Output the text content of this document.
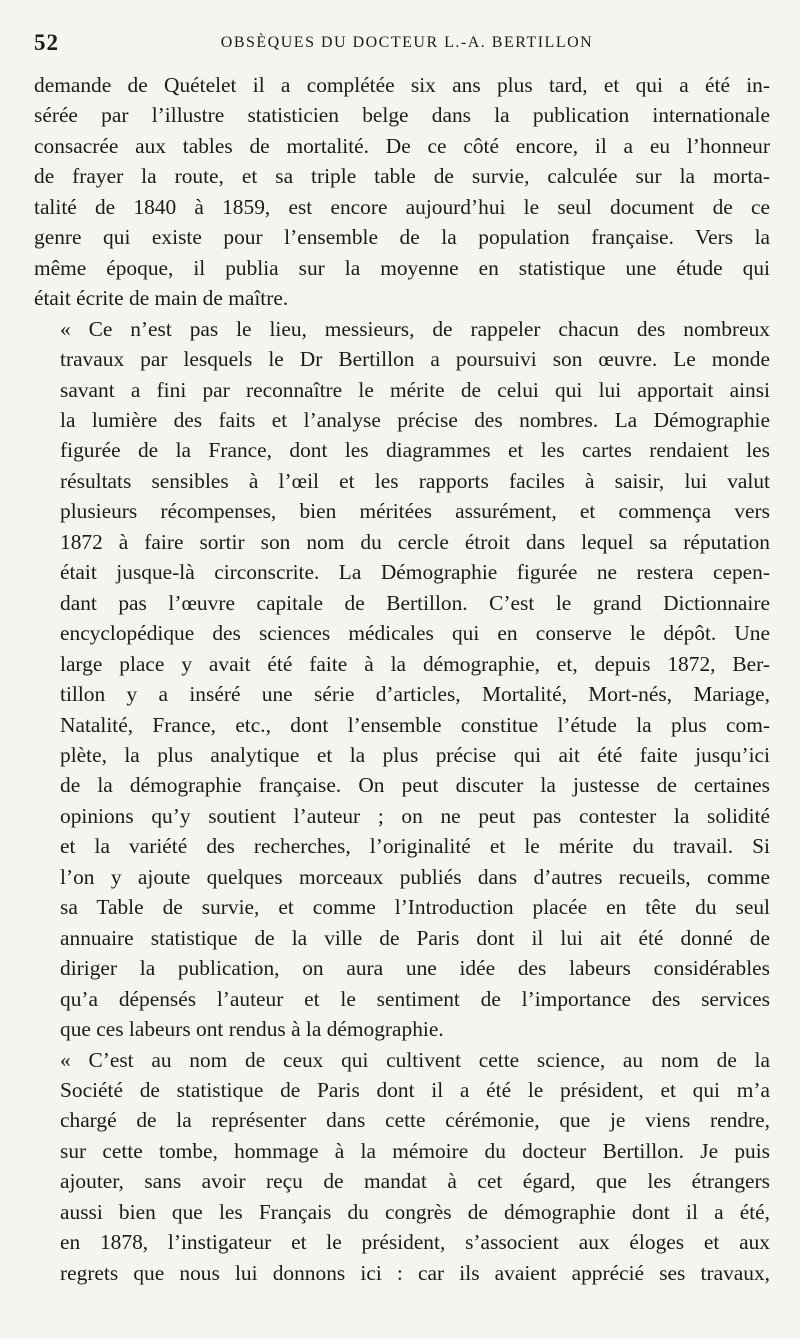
52	OBSÈQUES DU DOCTEUR L.-A. BERTILLON
demande de Quételet il a complétée six ans plus tard, et qui a été in-
sérée par l’illustre statisticien belge dans la publication internationale
consacrée aux tables de mortalité. De ce côté encore, il a eu l’honneur
de frayer la route, et sa triple table de survie, calculée sur la morta-
talité de 1840 à 1859, est encore aujourd’hui le seul document de ce
genre qui existe pour l’ensemble de la population française. Vers la
même époque, il publia sur la moyenne en statistique une étude qui
était écrite de main de maître.
« Ce n’est pas le lieu, messieurs, de rappeler chacun des nombreux
travaux par lesquels le Dr Bertillon a poursuivi son œuvre. Le monde
savant a fini par reconnaître le mérite de celui qui lui apportait ainsi
la lumière des faits et l’analyse précise des nombres. La Démographie
figurée de la France, dont les diagrammes et les cartes rendaient les
résultats sensibles à l’œil et les rapports faciles à saisir, lui valut
plusieurs récompenses, bien méritées assurément, et commença vers
1872 à faire sortir son nom du cercle étroit dans lequel sa réputation
était jusque-là circonscrite. La Démographie figurée ne restera cepen-
dant pas l’œuvre capitale de Bertillon. C’est le grand Dictionnaire
encyclopédique des sciences médicales qui en conserve le dépôt. Une
large place y avait été faite à la démographie, et, depuis 1872, Ber-
tillon y a inséré une série d’articles, Mortalité, Mort-nés, Mariage,
Natalité, France, etc., dont l’ensemble constitue l’étude la plus com-
plète, la plus analytique et la plus précise qui ait été faite jusqu’ici
de la démographie française. On peut discuter la justesse de certaines
opinions qu’y soutient l’auteur ; on ne peut pas contester la solidité
et la variété des recherches, l’originalité et le mérite du travail. Si
l’on y ajoute quelques morceaux publiés dans d’autres recueils, comme
sa Table de survie, et comme l’Introduction placée en tête du seul
annuaire statistique de la ville de Paris dont il lui ait été donné de
diriger la publication, on aura une idée des labeurs considérables
qu’a dépensés l’auteur et le sentiment de l’importance des services
que ces labeurs ont rendus à la démographie.
« C’est au nom de ceux qui cultivent cette science, au nom de la
Société de statistique de Paris dont il a été le président, et qui m’a
chargé de la représenter dans cette cérémonie, que je viens rendre,
sur cette tombe, hommage à la mémoire du docteur Bertillon. Je puis
ajouter, sans avoir reçu de mandat à cet égard, que les étrangers
aussi bien que les Français du congrès de démographie dont il a été,
en 1878, l’instigateur et le président, s’associent aux éloges et aux
regrets que nous lui donnons ici : car ils avaient apprécié ses travaux,
